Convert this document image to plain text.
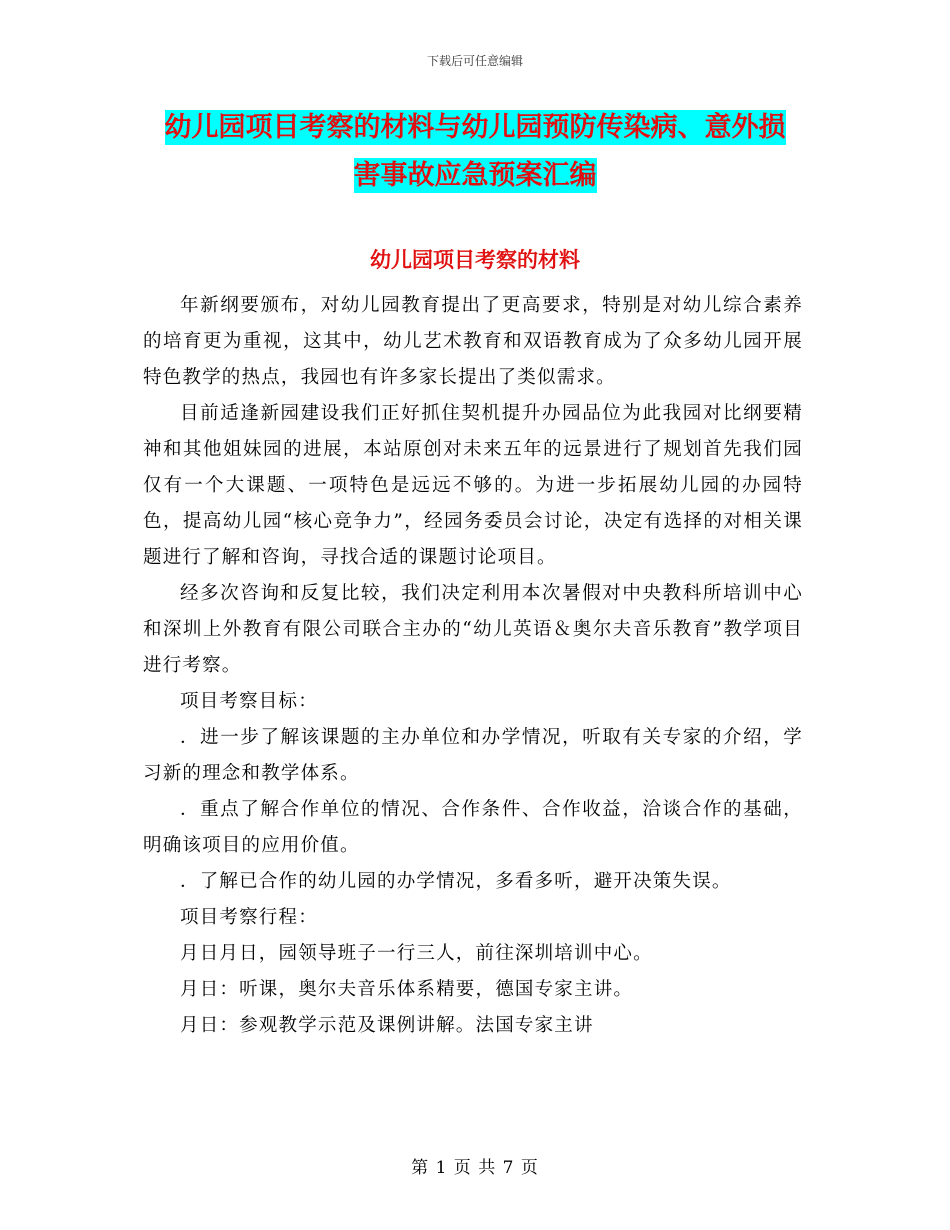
下载后可任意编辑
幼儿园项目考察的材料与幼儿园预防传染病、意外损
害事故应急预案汇编
幼儿园项目考察的材料

年新纲要颁布，对幼儿园教育提出了更高要求，特别是对幼儿综合素养的培育更为重视，这其中，幼儿艺术教育和双语教育成为了众多幼儿园开展特色教学的热点，我园也有许多家长提出了类似需求。

目前适逢新园建设我们正好抓住契机提升办园品位为此我园对比纲要精神和其他姐妹园的进展，本站原创对未来五年的远景进行了规划首先我们园仅有一个大课题、一项特色是远远不够的。为进一步拓展幼儿园的办园特色，提高幼儿园“核心竞争力”，经园务委员会讨论，决定有选择的对相关课题进行了解和咨询，寻找合适的课题讨论项目。

经多次咨询和反复比较，我们决定利用本次暑假对中央教科所培训中心和深圳上外教育有限公司联合主办的“幼儿英语＆奥尔夫音乐教育”教学项目进行考察。

项目考察目标：

．进一步了解该课题的主办单位和办学情况，听取有关专家的介绍，学习新的理念和教学体系。

．重点了解合作单位的情况、合作条件、合作收益，洽谈合作的基础，明确该项目的应用价值。

．了解已合作的幼儿园的办学情况，多看多听，避开决策失误。

项目考察行程：

月日月日，园领导班子一行三人，前往深圳培训中心。

月日：听课，奥尔夫音乐体系精要，德国专家主讲。

月日：参观教学示范及课例讲解。法国专家主讲

第 1 页 共 7 页
